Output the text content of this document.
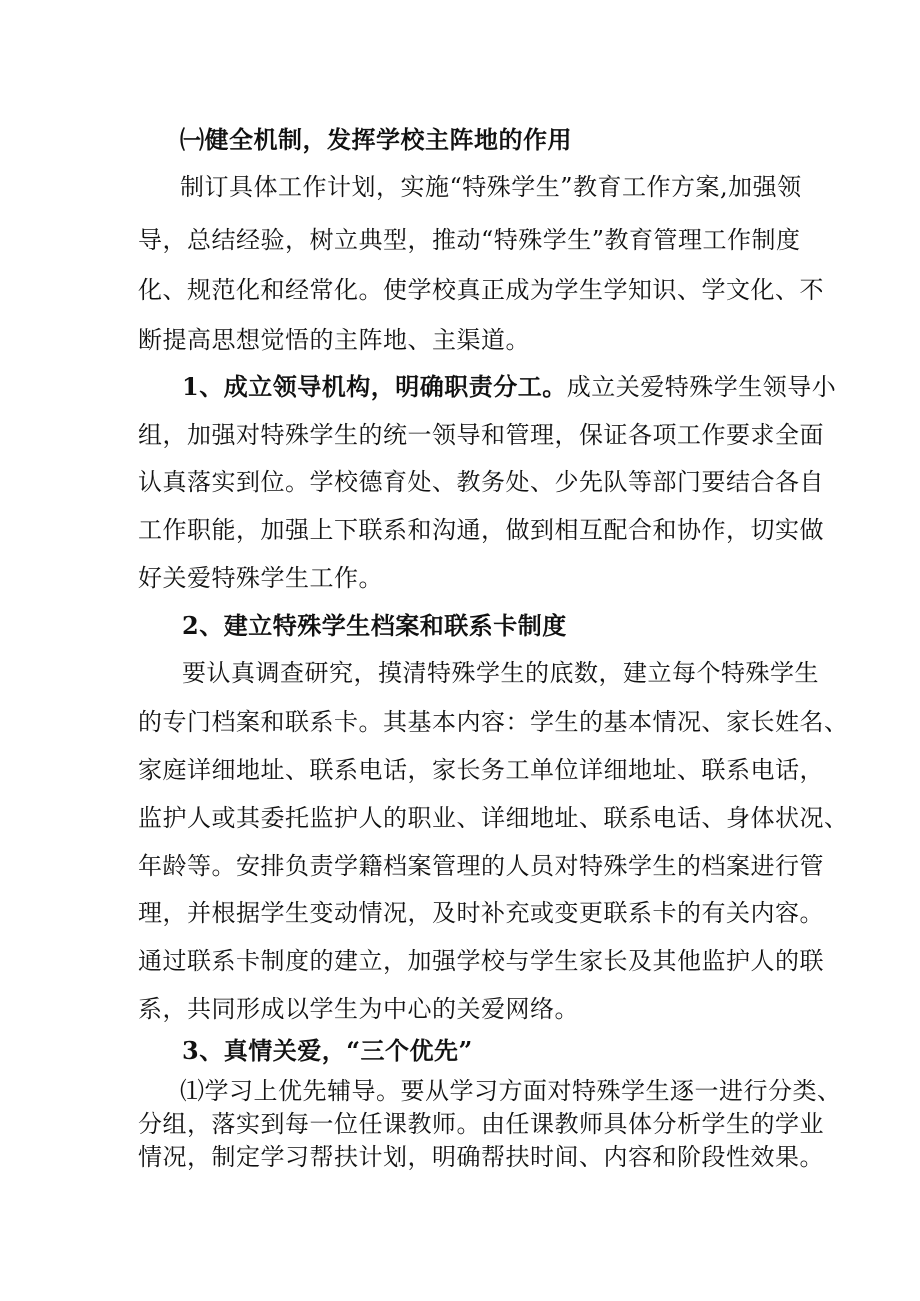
㈠健全机制，发挥学校主阵地的作用
制订具体工作计划，实施“特殊学生”教育工作方案,加强领
导，总结经验，树立典型，推动“特殊学生”教育管理工作制度
化、规范化和经常化。使学校真正成为学生学知识、学文化、不
断提高思想觉悟的主阵地、主渠道。
1、成立领导机构，明确职责分工。成立关爱特殊学生领导小
组，加强对特殊学生的统一领导和管理，保证各项工作要求全面
认真落实到位。学校德育处、教务处、少先队等部门要结合各自
工作职能，加强上下联系和沟通，做到相互配合和协作，切实做
好关爱特殊学生工作。
2、建立特殊学生档案和联系卡制度
要认真调查研究，摸清特殊学生的底数，建立每个特殊学生
的专门档案和联系卡。其基本内容：学生的基本情况、家长姓名、
家庭详细地址、联系电话，家长务工单位详细地址、联系电话，
监护人或其委托监护人的职业、详细地址、联系电话、身体状况、
年龄等。安排负责学籍档案管理的人员对特殊学生的档案进行管
理，并根据学生变动情况，及时补充或变更联系卡的有关内容。
通过联系卡制度的建立，加强学校与学生家长及其他监护人的联
系，共同形成以学生为中心的关爱网络。
3、真情关爱，“三个优先”
⑴学习上优先辅导。要从学习方面对特殊学生逐一进行分类、
分组，落实到每一位任课教师。由任课教师具体分析学生的学业
情况，制定学习帮扶计划，明确帮扶时间、内容和阶段性效果。
